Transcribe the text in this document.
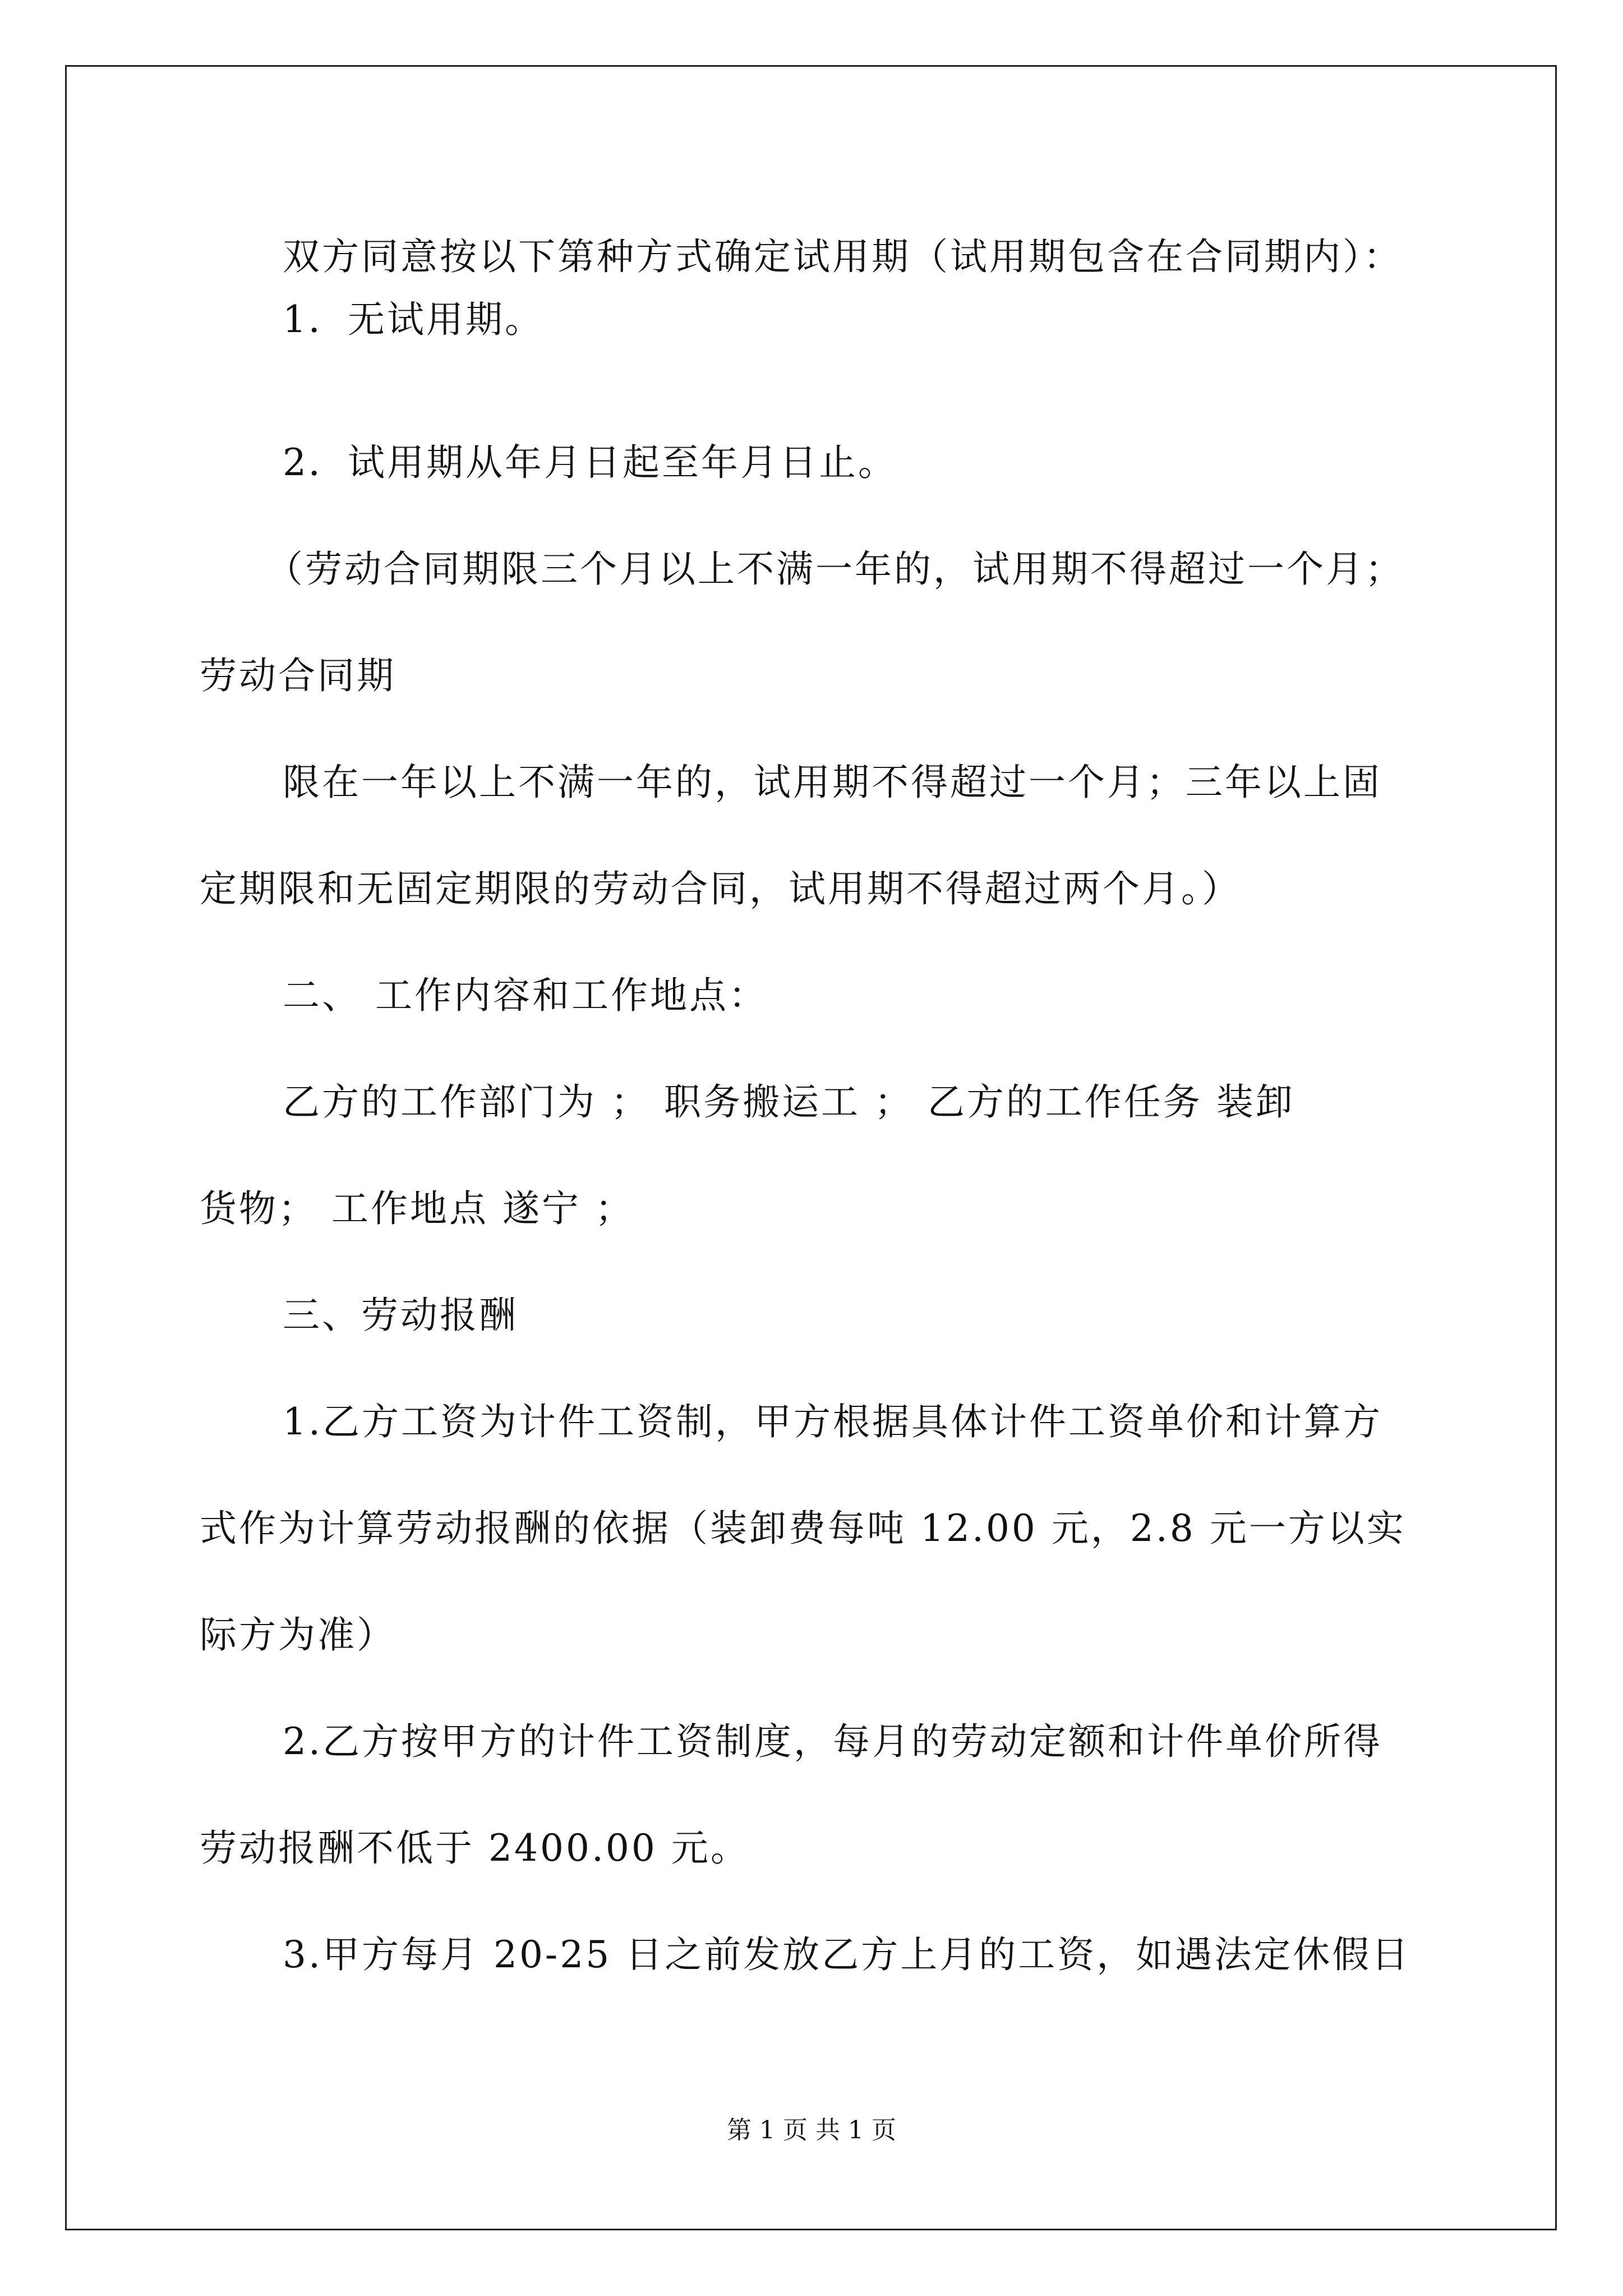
双方同意按以下第种方式确定试用期（试用期包含在合同期内）：
1．无试用期。
2．试用期从年月日起至年月日止。
（劳动合同期限三个月以上不满一年的，试用期不得超过一个月；
劳动合同期
限在一年以上不满一年的，试用期不得超过一个月；三年以上固
定期限和无固定期限的劳动合同，试用期不得超过两个月。）
二、 工作内容和工作地点：
乙方的工作部门为 ； 职务搬运工 ； 乙方的工作任务 装卸
货物； 工作地点 遂宁 ；
三、劳动报酬
1.乙方工资为计件工资制，甲方根据具体计件工资单价和计算方
式作为计算劳动报酬的依据（装卸费每吨 12.00 元，2.8 元一方以实
际方为准）
2.乙方按甲方的计件工资制度，每月的劳动定额和计件单价所得
劳动报酬不低于 2400.00 元。
3.甲方每月 20-25 日之前发放乙方上月的工资，如遇法定休假日
第 1 页 共 1 页
